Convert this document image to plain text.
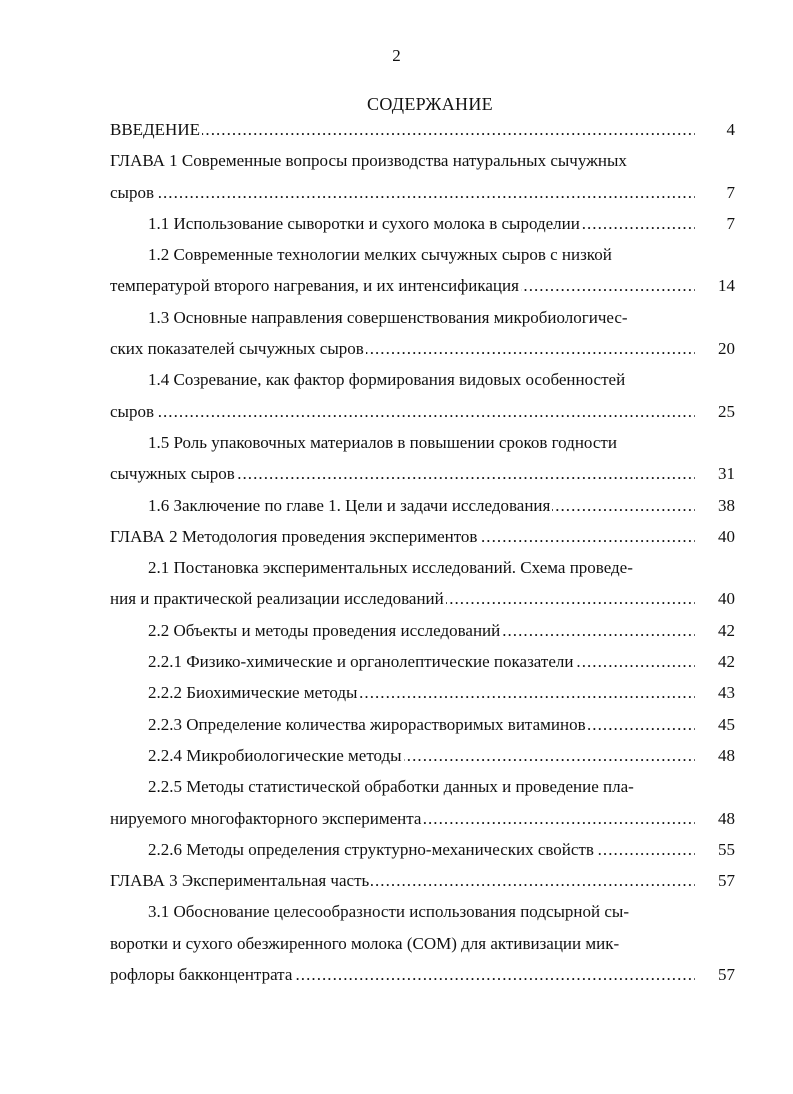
2
СОДЕРЖАНИЕ
ВВЕДЕНИЕ	4
. . .
ГЛАВА 1 Современные вопросы производства натуральных сычужных
сыров	7
. . .
1.1 Использование сыворотки и сухого молока в сыроделии	7
. . .
1.2 Современные технологии мелких сычужных сыров с низкой
температурой второго нагревания, и их интенсификация	14
. . .
1.3 Основные направления совершенствования микробиологичес-
ских показателей сычужных сыров	20
. . .
1.4 Созревание, как фактор формирования видовых особенностей
сыров	25
. . .
1.5 Роль упаковочных материалов в повышении сроков годности
сычужных сыров	31
. . .
1.6 Заключение по главе 1. Цели и задачи исследования	38
. . .
ГЛАВА 2 Методология проведения экспериментов	40
. . .
2.1 Постановка экспериментальных исследований. Схема проведе-
ния и практической реализации исследований	40
. . .
2.2 Объекты и методы проведения исследований	42
. . .
2.2.1 Физико-химические и органолептические показатели	42
. . .
2.2.2 Биохимические методы	43
. . .
2.2.3 Определение количества жирорастворимых витаминов	45
. . .
2.2.4 Микробиологические методы	48
. . .
2.2.5 Методы статистической обработки данных и проведение пла-
нируемого многофакторного эксперимента	48
. . .
2.2.6 Методы определения структурно-механических свойств	55
. . .
ГЛАВА 3 Экспериментальная часть	57
. . .
3.1 Обоснование целесообразности использования подсырной сы-
воротки и сухого обезжиренного молока (СОМ) для активизации мик-
рофлоры бакконцентрата	57
. . .
